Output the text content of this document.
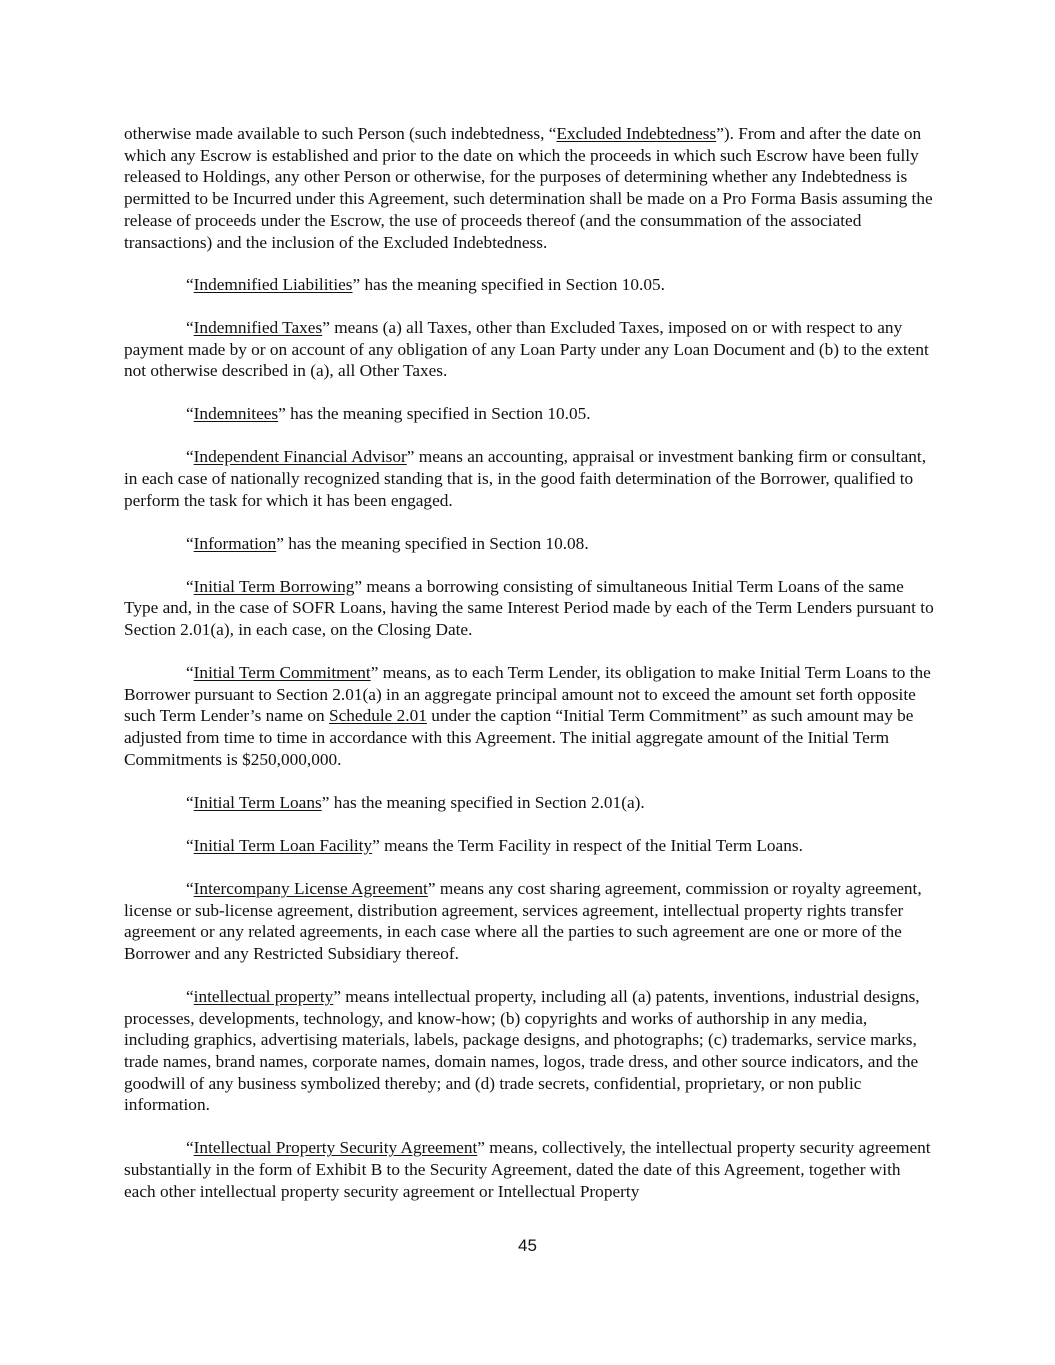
otherwise made available to such Person (such indebtedness, “Excluded Indebtedness”). From and after the date on which any Escrow is established and prior to the date on which the proceeds in which such Escrow have been fully released to Holdings, any other Person or otherwise, for the purposes of determining whether any Indebtedness is permitted to be Incurred under this Agreement, such determination shall be made on a Pro Forma Basis assuming the release of proceeds under the Escrow, the use of proceeds thereof (and the consummation of the associated transactions) and the inclusion of the Excluded Indebtedness.

“Indemnified Liabilities” has the meaning specified in Section 10.05.

“Indemnified Taxes” means (a) all Taxes, other than Excluded Taxes, imposed on or with respect to any payment made by or on account of any obligation of any Loan Party under any Loan Document and (b) to the extent not otherwise described in (a), all Other Taxes.

“Indemnitees” has the meaning specified in Section 10.05.

“Independent Financial Advisor” means an accounting, appraisal or investment banking firm or consultant, in each case of nationally recognized standing that is, in the good faith determination of the Borrower, qualified to perform the task for which it has been engaged.

“Information” has the meaning specified in Section 10.08.

“Initial Term Borrowing” means a borrowing consisting of simultaneous Initial Term Loans of the same Type and, in the case of SOFR Loans, having the same Interest Period made by each of the Term Lenders pursuant to Section 2.01(a), in each case, on the Closing Date.

“Initial Term Commitment” means, as to each Term Lender, its obligation to make Initial Term Loans to the Borrower pursuant to Section 2.01(a) in an aggregate principal amount not to exceed the amount set forth opposite such Term Lender’s name on Schedule 2.01 under the caption “Initial Term Commitment” as such amount may be adjusted from time to time in accordance with this Agreement. The initial aggregate amount of the Initial Term Commitments is $250,000,000.

“Initial Term Loans” has the meaning specified in Section 2.01(a).

“Initial Term Loan Facility” means the Term Facility in respect of the Initial Term Loans.

“Intercompany License Agreement” means any cost sharing agreement, commission or royalty agreement, license or sub-license agreement, distribution agreement, services agreement, intellectual property rights transfer agreement or any related agreements, in each case where all the parties to such agreement are one or more of the Borrower and any Restricted Subsidiary thereof.

“intellectual property” means intellectual property, including all (a) patents, inventions, industrial designs, processes, developments, technology, and know-how; (b) copyrights and works of authorship in any media, including graphics, advertising materials, labels, package designs, and photographs; (c) trademarks, service marks, trade names, brand names, corporate names, domain names, logos, trade dress, and other source indicators, and the goodwill of any business symbolized thereby; and (d) trade secrets, confidential, proprietary, or non public information.

“Intellectual Property Security Agreement” means, collectively, the intellectual property security agreement substantially in the form of Exhibit B to the Security Agreement, dated the date of this Agreement, together with each other intellectual property security agreement or Intellectual Property

45
